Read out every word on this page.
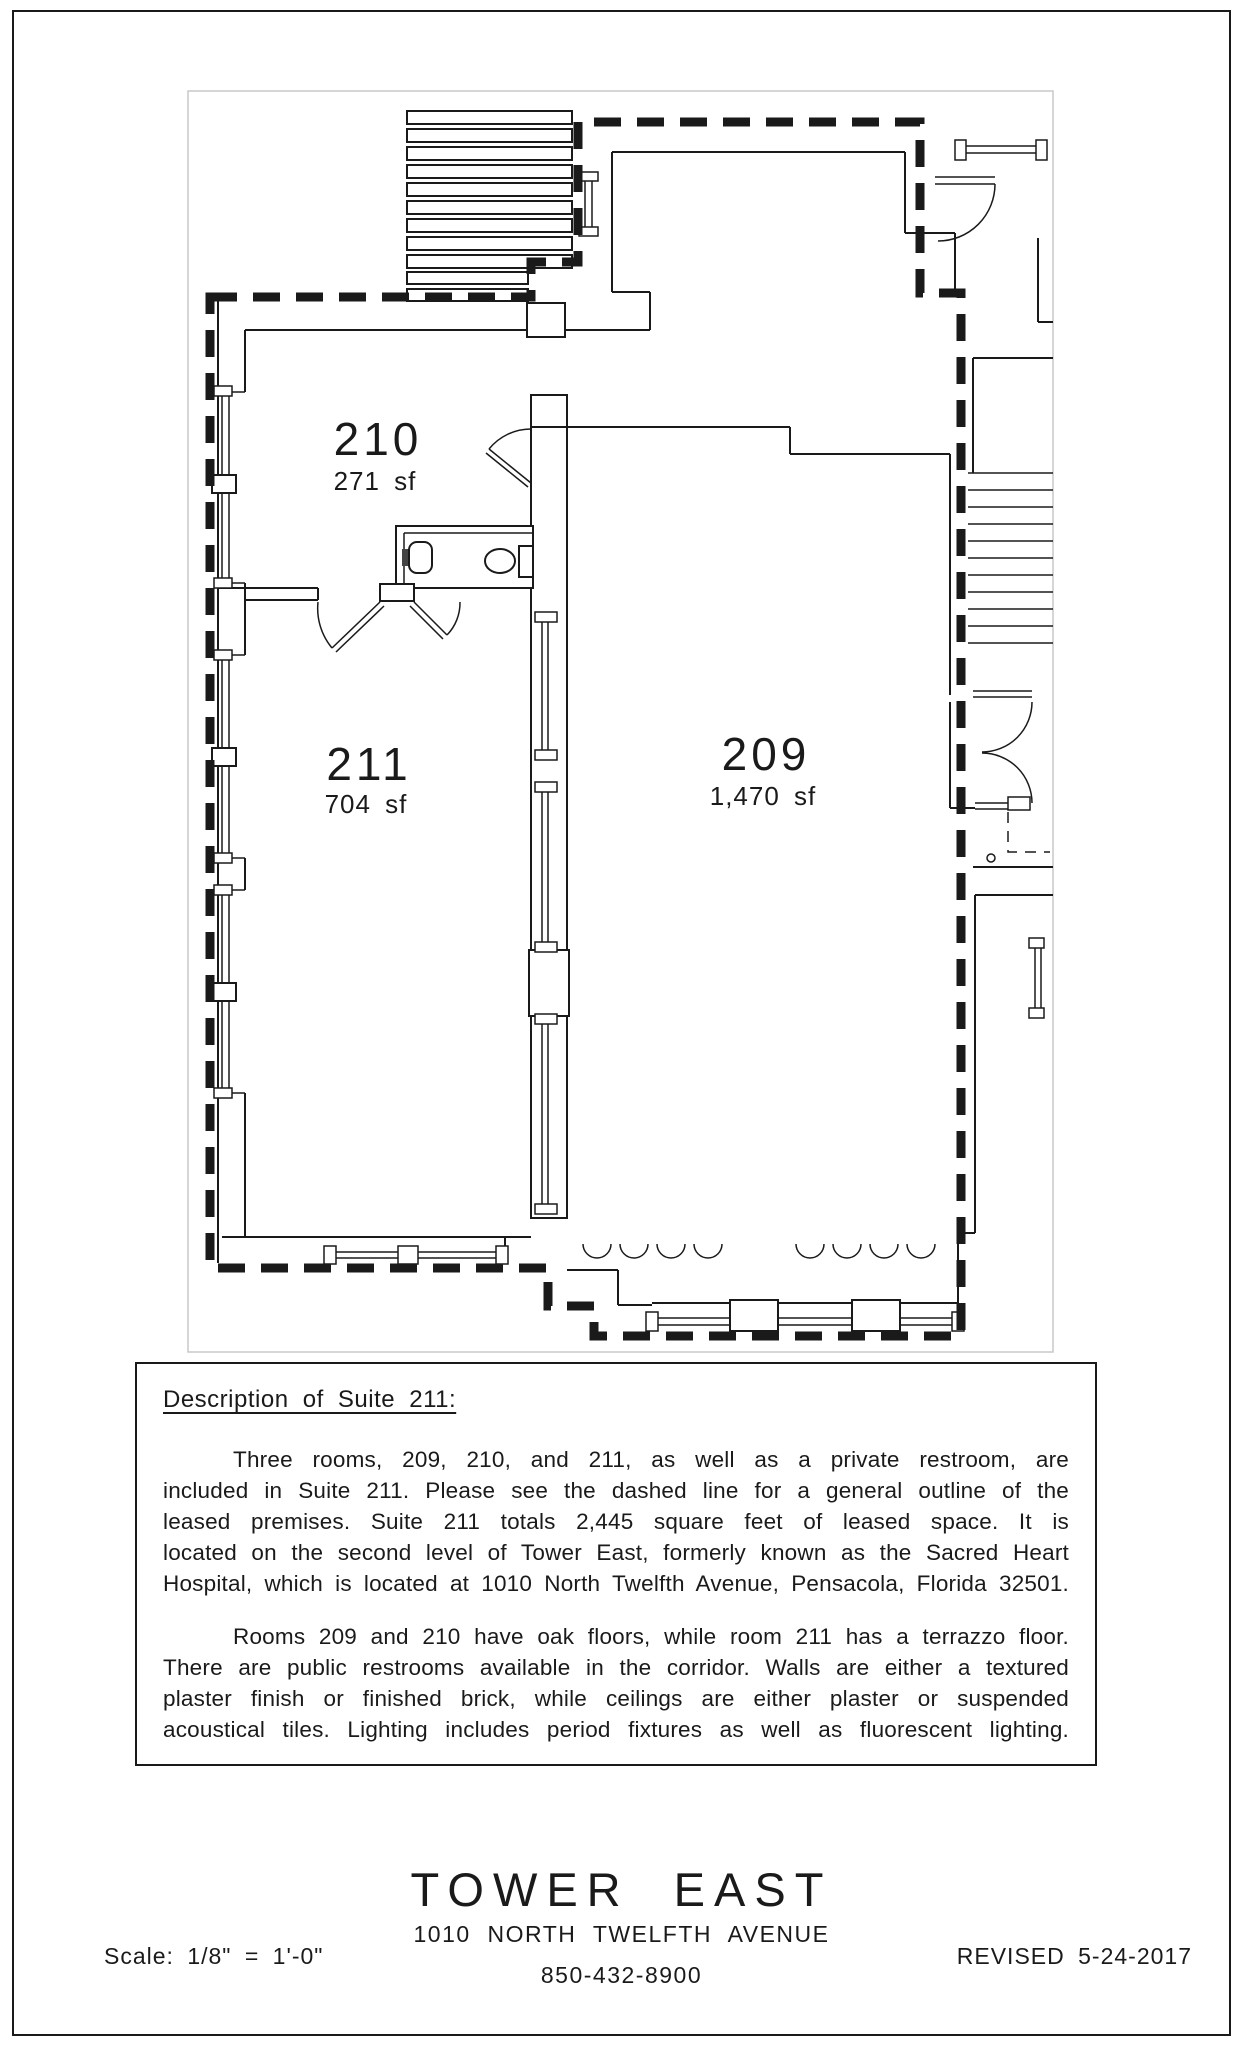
210
271 sf
211
704 sf
209
1,470 sf
Description of Suite 211:
Three rooms, 209, 210, and 211, as well as a private restroom, are
included in Suite 211. Please see the dashed line for a general outline of the
leased premises. Suite 211 totals 2,445 square feet of leased space. It is
located on the second level of Tower East, formerly known as the Sacred Heart
Hospital, which is located at 1010 North Twelfth Avenue, Pensacola, Florida 32501.
Rooms 209 and 210 have oak floors, while room 211 has a terrazzo floor.
There are public restrooms available in the corridor. Walls are either a textured
plaster finish or finished brick, while ceilings are either plaster or suspended
acoustical tiles. Lighting includes period fixtures as well as fluorescent lighting.
TOWER EAST
1010 NORTH TWELFTH AVENUE
850-432-8900
Scale: 1/8" = 1'-0"	REVISED 5-24-2017
